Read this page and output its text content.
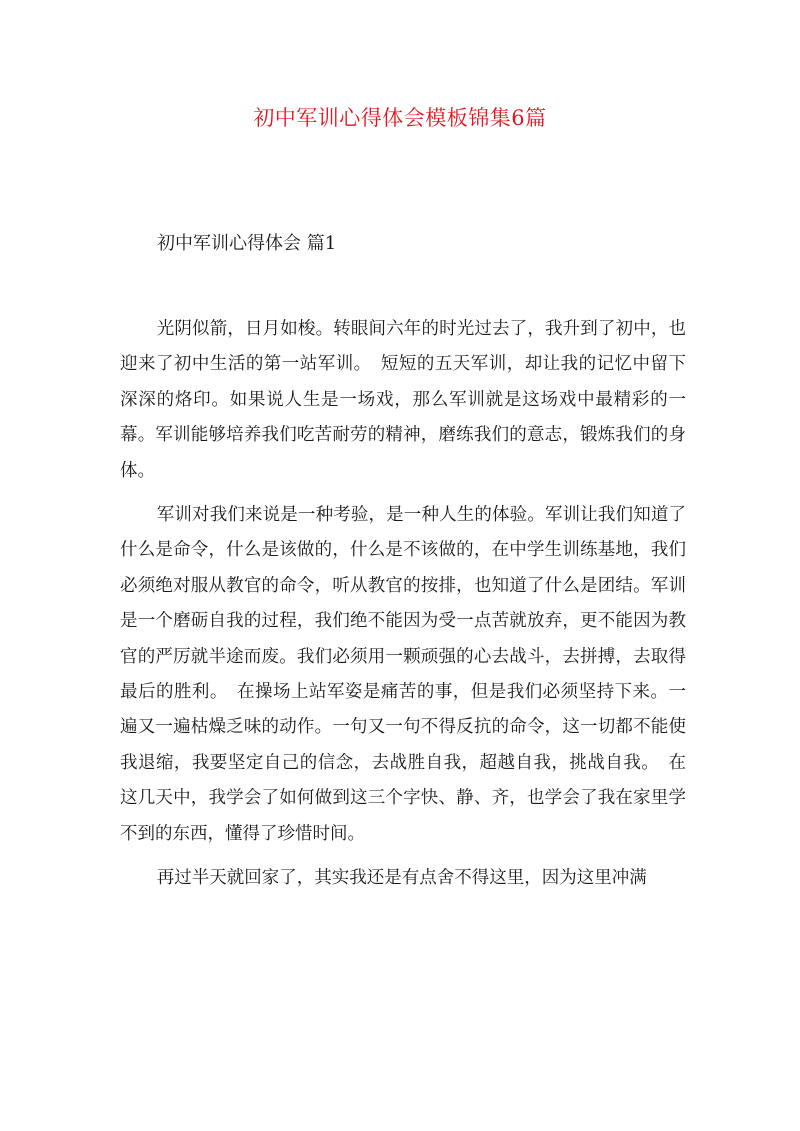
初中军训心得体会模板锦集6篇
初中军训心得体会 篇1

光阴似箭，日月如梭。转眼间六年的时光过去了，我升到了初中，也迎来了初中生活的第一站军训。　短短的五天军训，却让我的记忆中留下深深的烙印。如果说人生是一场戏，那么军训就是这场戏中最精彩的一幕。军训能够培养我们吃苦耐劳的精神，磨练我们的意志，锻炼我们的身体。

军训对我们来说是一种考验，是一种人生的体验。军训让我们知道了什么是命令，什么是该做的，什么是不该做的，在中学生训练基地，我们必须绝对服从教官的命令，听从教官的按排，也知道了什么是团结。军训是一个磨砺自我的过程，我们绝不能因为受一点苦就放弃，更不能因为教官的严厉就半途而废。我们必须用一颗顽强的心去战斗，去拼搏，去取得最后的胜利。　在操场上站军姿是痛苦的事，但是我们必须坚持下来。一遍又一遍枯燥乏味的动作。一句又一句不得反抗的命令，这一切都不能使我退缩，我要坚定自己的信念，去战胜自我，超越自我，挑战自我。　在这几天中，我学会了如何做到这三个字快、静、齐，也学会了我在家里学不到的东西，懂得了珍惜时间。

再过半天就回家了，其实我还是有点舍不得这里，因为这里冲满
